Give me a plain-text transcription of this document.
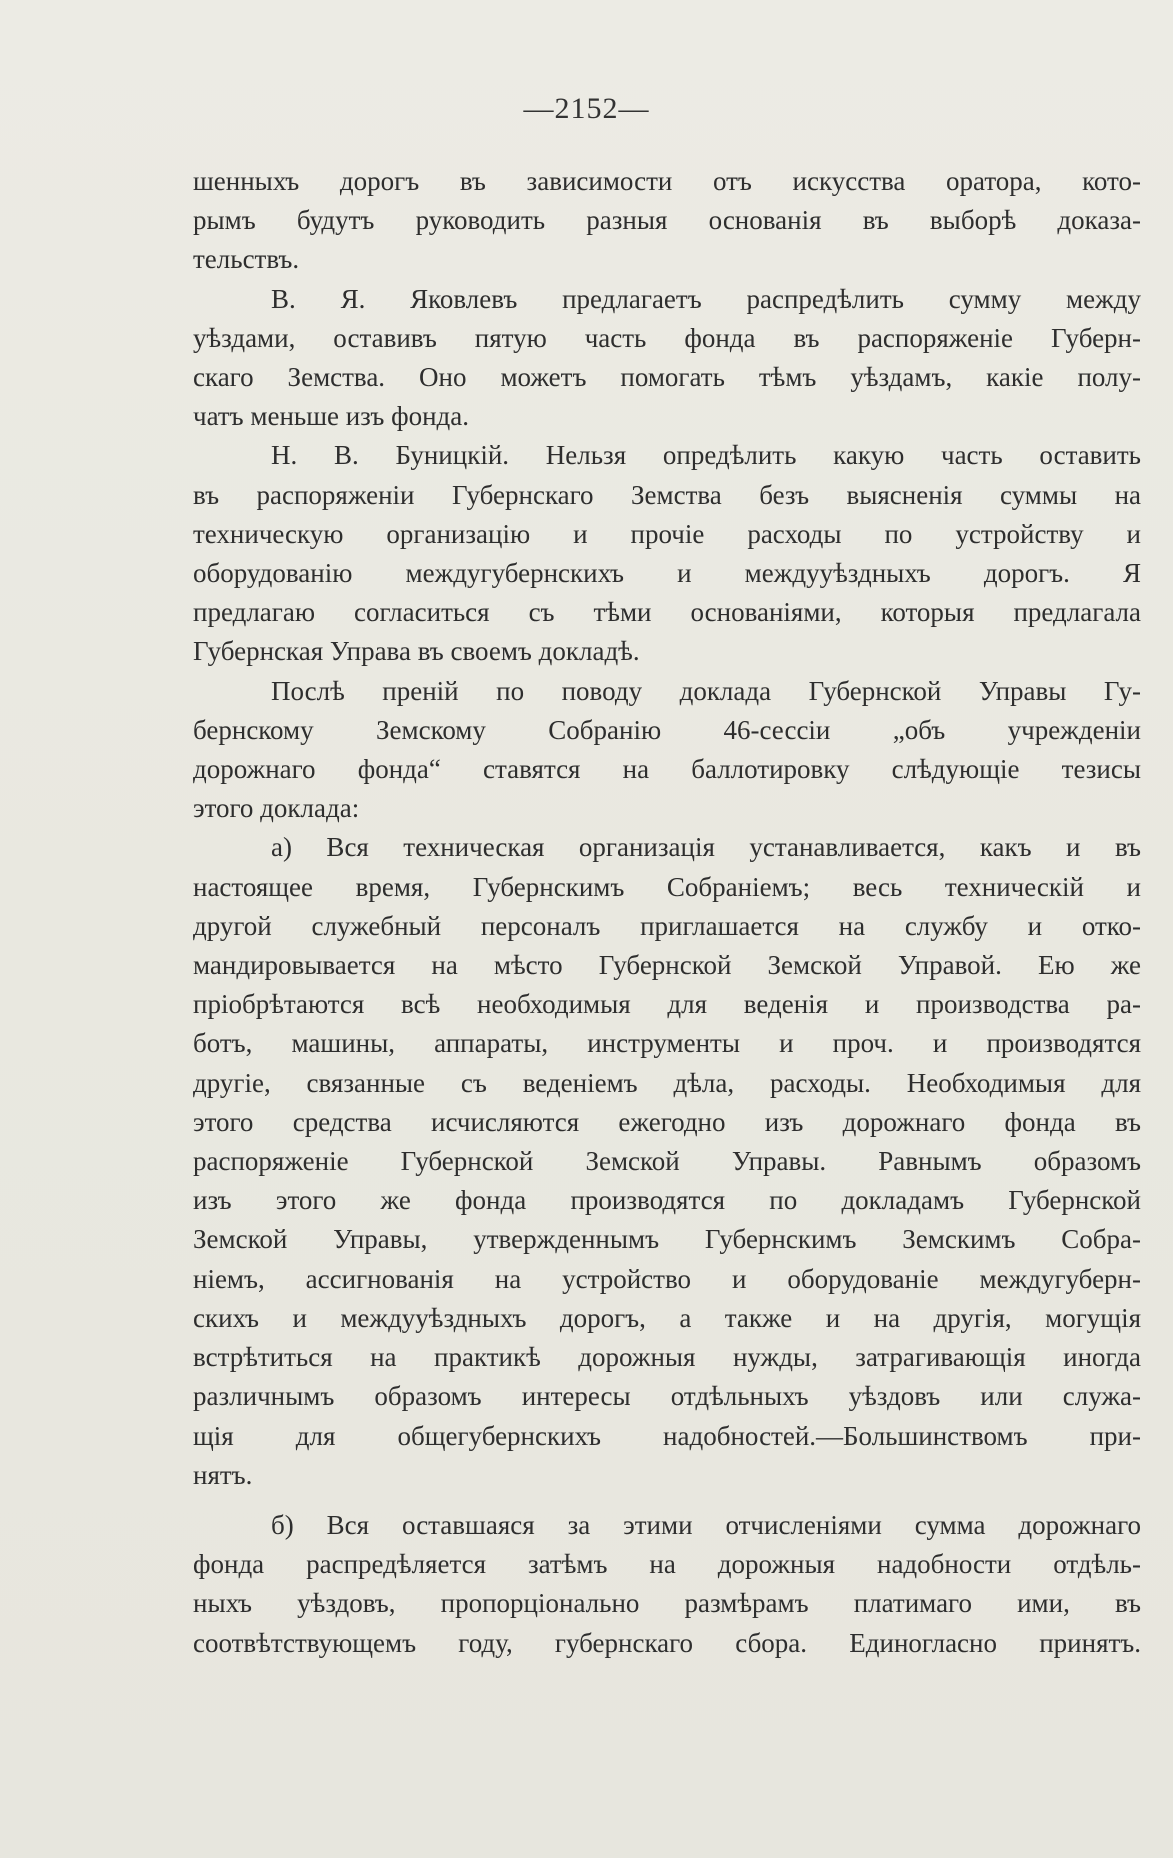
—2152—
шенныхъ дорогъ въ зависимости отъ искусства оратора, кото-
рымъ будутъ руководить разныя основанія въ выборѣ доказа-
тельствъ.
В. Я. Яковлевъ предлагаетъ распредѣлить сумму между
уѣздами, оставивъ пятую часть фонда въ распоряженіе Губерн-
скаго Земства. Оно можетъ помогать тѣмъ уѣздамъ, какіе полу-
чатъ меньше изъ фонда.
Н. В. Буницкій. Нельзя опредѣлить какую часть оставить
въ распоряженіи Губернскаго Земства безъ выясненія суммы на
техническую организацію и прочіе расходы по устройству и
оборудованію междугубернскихъ и междууѣздныхъ дорогъ. Я
предлагаю согласиться съ тѣми основаніями, которыя предлагала
Губернская Управа въ своемъ докладѣ.
Послѣ преній по поводу доклада Губернской Управы Гу-
бернскому Земскому Собранію 46-сессіи „объ учрежденіи
дорожнаго фонда“ ставятся на баллотировку слѣдующіе тезисы
этого доклада:
а) Вся техническая организація устанавливается, какъ и въ
настоящее время, Губернскимъ Собраніемъ; весь техническій и
другой служебный персоналъ приглашается на службу и отко-
мандировывается на мѣсто Губернской Земской Управой. Ею же
пріобрѣтаются всѣ необходимыя для веденія и производства ра-
ботъ, машины, аппараты, инструменты и проч. и производятся
другіе, связанные съ веденіемъ дѣла, расходы. Необходимыя для
этого средства исчисляются ежегодно изъ дорожнаго фонда въ
распоряженіе Губернской Земской Управы. Равнымъ образомъ
изъ этого же фонда производятся по докладамъ Губернской
Земской Управы, утвержденнымъ Губернскимъ Земскимъ Собра-
ніемъ, ассигнованія на устройство и оборудованіе междугуберн-
скихъ и междууѣздныхъ дорогъ, а также и на другія, могущія
встрѣтиться на практикѣ дорожныя нужды, затрагивающія иногда
различнымъ образомъ интересы отдѣльныхъ уѣздовъ или служа-
щія для общегубернскихъ надобностей.—Большинствомъ при-
нятъ.
б) Вся оставшаяся за этими отчисленіями сумма дорожнаго
фонда распредѣляется затѣмъ на дорожныя надобности отдѣль-
ныхъ уѣздовъ, пропорціонально размѣрамъ платимаго ими, въ
соотвѣтствующемъ году, губернскаго сбора. Единогласно принятъ.
